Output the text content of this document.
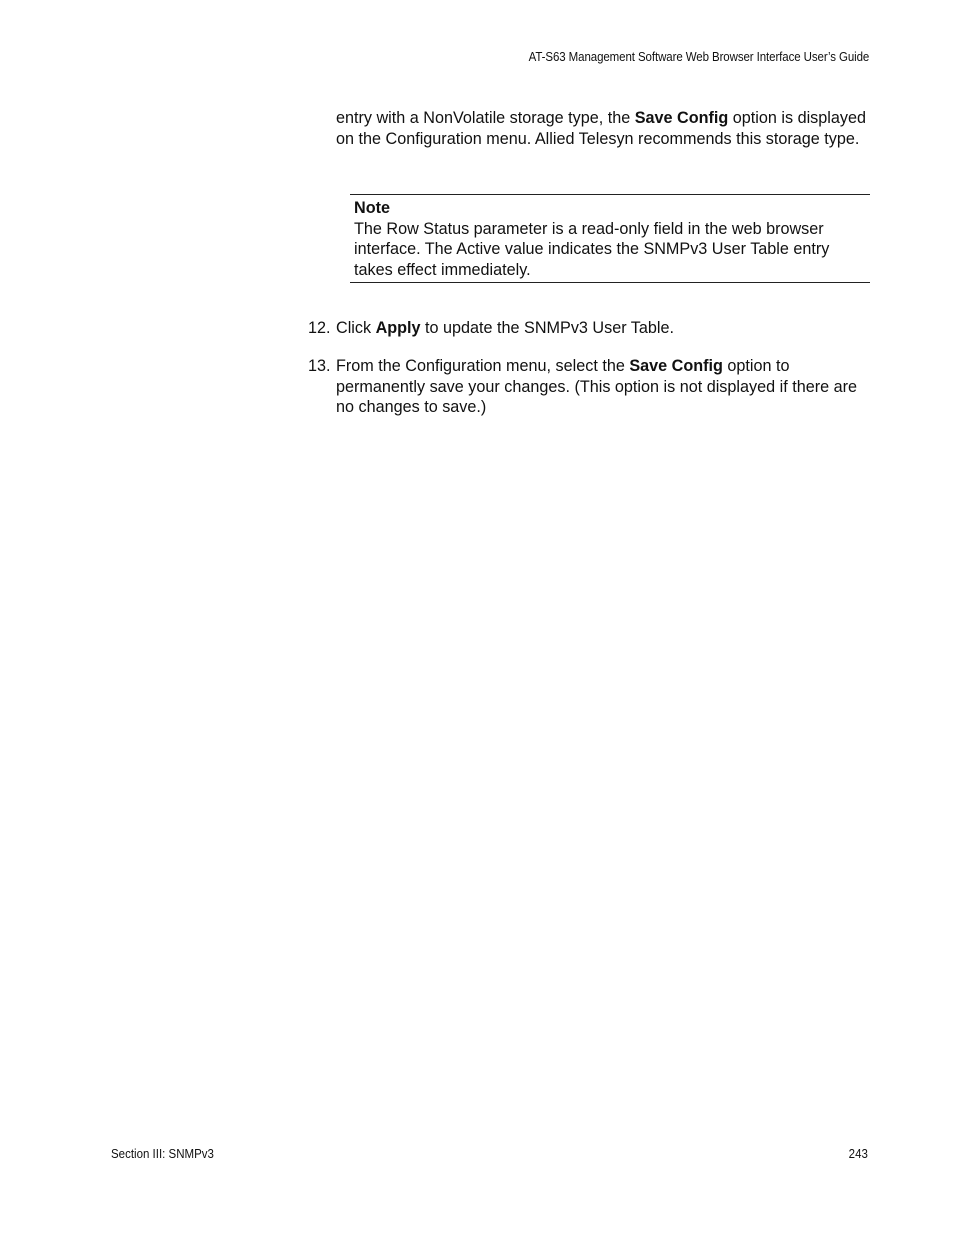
AT-S63 Management Software Web Browser Interface User’s Guide

entry with a NonVolatile storage type, the Save Config option is displayed on the Configuration menu. Allied Telesyn recommends this storage type.

Note
The Row Status parameter is a read-only field in the web browser interface. The Active value indicates the SNMPv3 User Table entry takes effect immediately.
12. Click Apply to update the SNMPv3 User Table.
13. From the Configuration menu, select the Save Config option to permanently save your changes. (This option is not displayed if there are no changes to save.)
Section III: SNMPv3	243
